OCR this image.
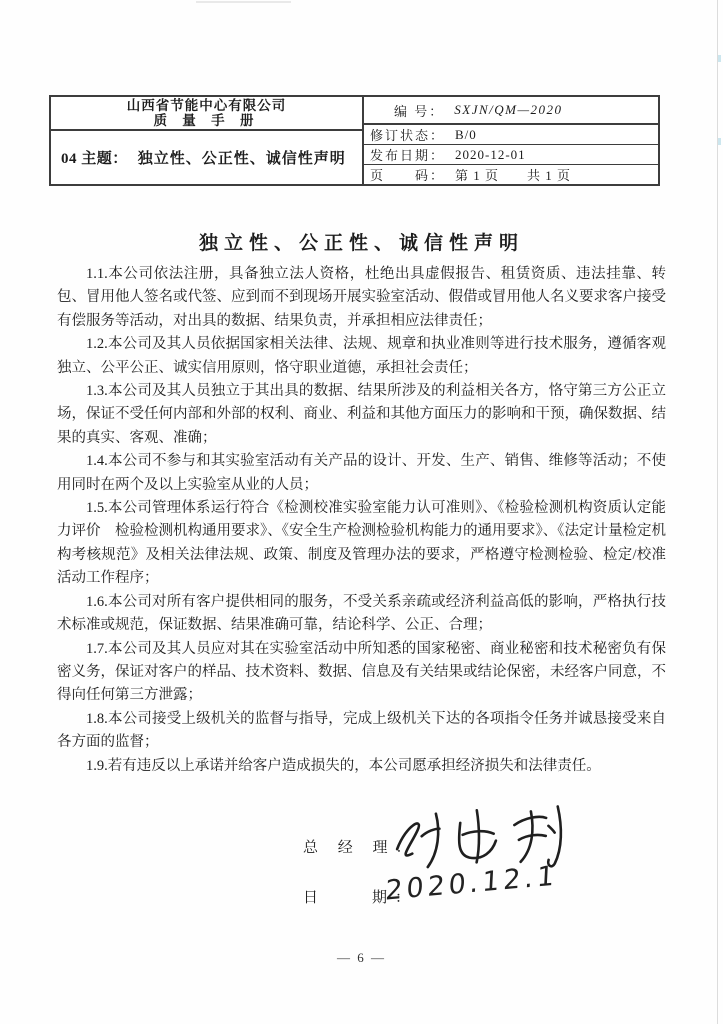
山西省节能中心有限公司
质 量 手 册
04 主题： 独立性、公正性、诚信性声明
编 号： SXJN/QM—2020
修订状态： B/0
发布日期： 2020-12-01
页　　码： 第 1 页　　共 1 页
独立性、公正性、诚信性声明

1.1.本公司依法注册，具备独立法人资格，杜绝出具虚假报告、租赁资质、违法挂靠、转包、冒用他人签名或代签、应到而不到现场开展实验室活动、假借或冒用他人名义要求客户接受有偿服务等活动，对出具的数据、结果负责，并承担相应法律责任；

1.2.本公司及其人员依据国家相关法律、法规、规章和执业准则等进行技术服务，遵循客观独立、公平公正、诚实信用原则，恪守职业道德，承担社会责任；

1.3.本公司及其人员独立于其出具的数据、结果所涉及的利益相关各方，恪守第三方公正立场，保证不受任何内部和外部的权利、商业、利益和其他方面压力的影响和干预，确保数据、结果的真实、客观、准确；

1.4.本公司不参与和其实验室活动有关产品的设计、开发、生产、销售、维修等活动；不使用同时在两个及以上实验室从业的人员；

1.5.本公司管理体系运行符合《检测校准实验室能力认可准则》、《检验检测机构资质认定能力评价　检验检测机构通用要求》、《安全生产检测检验机构能力的通用要求》、《法定计量检定机构考核规范》及相关法律法规、政策、制度及管理办法的要求，严格遵守检测检验、检定/校准活动工作程序；

1.6.本公司对所有客户提供相同的服务，不受关系亲疏或经济利益高低的影响，严格执行技术标准或规范，保证数据、结果准确可靠，结论科学、公正、合理；

1.7.本公司及其人员应对其在实验室活动中所知悉的国家秘密、商业秘密和技术秘密负有保密义务，保证对客户的样品、技术资料、数据、信息及有关结果或结论保密，未经客户同意，不得向任何第三方泄露；

1.8.本公司接受上级机关的监督与指导，完成上级机关下达的各项指令任务并诚恳接受来自各方面的监督；

1.9.若有违反以上承诺并给客户造成损失的，本公司愿承担经济损失和法律责任。

总 经 理：
日　　期：
2020.12.1
— 6 —
